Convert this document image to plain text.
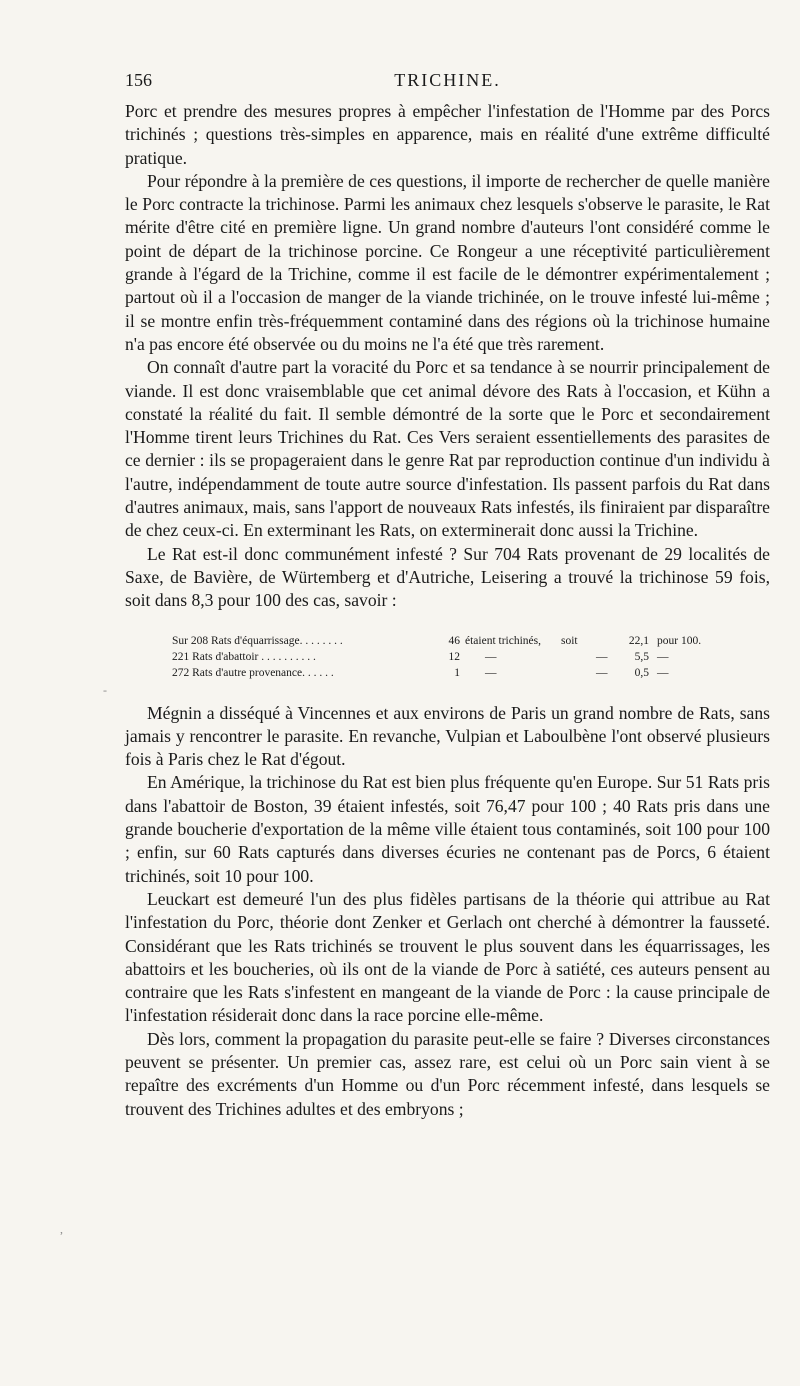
156	TRICHINE.

Porc et prendre des mesures propres à empêcher l'infestation de l'Homme par des Porcs trichinés ; questions très-simples en apparence, mais en réalité d'une extrême difficulté pratique.

Pour répondre à la première de ces questions, il importe de rechercher de quelle manière le Porc contracte la trichinose. Parmi les animaux chez lesquels s'observe le parasite, le Rat mérite d'être cité en première ligne. Un grand nombre d'auteurs l'ont considéré comme le point de départ de la trichinose porcine. Ce Rongeur a une réceptivité particulièrement grande à l'égard de la Trichine, comme il est facile de le démontrer expérimentalement ; partout où il a l'occasion de manger de la viande trichinée, on le trouve infesté lui-même ; il se montre enfin très-fréquemment contaminé dans des régions où la trichinose humaine n'a pas encore été observée ou du moins ne l'a été que très rarement.

On connaît d'autre part la voracité du Porc et sa tendance à se nourrir principalement de viande. Il est donc vraisemblable que cet animal dévore des Rats à l'occasion, et Kühn a constaté la réalité du fait. Il semble démontré de la sorte que le Porc et secondairement l'Homme tirent leurs Trichines du Rat. Ces Vers seraient essentiellements des parasites de ce dernier : ils se propageraient dans le genre Rat par reproduction continue d'un individu à l'autre, indépendamment de toute autre source d'infestation. Ils passent parfois du Rat dans d'autres animaux, mais, sans l'apport de nouveaux Rats infestés, ils finiraient par disparaître de chez ceux-ci. En exterminant les Rats, on exterminerait donc aussi la Trichine.

Le Rat est-il donc communément infesté ? Sur 704 Rats provenant de 29 localités de Saxe, de Bavière, de Würtemberg et d'Autriche, Leisering a trouvé la trichinose 59 fois, soit dans 8,3 pour 100 des cas, savoir :

Sur 208 Rats d'équarrissage. . . . . . . .	46 étaient trichinés, soit	22,1 pour 100.
221 Rats d'abattoir . . . . . . . . . .	12 —	—	5,5 —
272 Rats d'autre provenance. . . . . .	1 —	—	0,5 —

Mégnin a disséqué à Vincennes et aux environs de Paris un grand nombre de Rats, sans jamais y rencontrer le parasite. En revanche, Vulpian et Laboulbène l'ont observé plusieurs fois à Paris chez le Rat d'égout.

En Amérique, la trichinose du Rat est bien plus fréquente qu'en Europe. Sur 51 Rats pris dans l'abattoir de Boston, 39 étaient infestés, soit 76,47 pour 100 ; 40 Rats pris dans une grande boucherie d'exportation de la même ville étaient tous contaminés, soit 100 pour 100 ; enfin, sur 60 Rats capturés dans diverses écuries ne contenant pas de Porcs, 6 étaient trichinés, soit 10 pour 100.

Leuckart est demeuré l'un des plus fidèles partisans de la théorie qui attribue au Rat l'infestation du Porc, théorie dont Zenker et Gerlach ont cherché à démontrer la fausseté. Considérant que les Rats trichinés se trouvent le plus souvent dans les équarrissages, les abattoirs et les boucheries, où ils ont de la viande de Porc à satiété, ces auteurs pensent au contraire que les Rats s'infestent en mangeant de la viande de Porc : la cause principale de l'infestation résiderait donc dans la race porcine elle-même.

Dès lors, comment la propagation du parasite peut-elle se faire ? Diverses circonstances peuvent se présenter. Un premier cas, assez rare, est celui où un Porc sain vient à se repaître des excréments d'un Homme ou d'un Porc récemment infesté, dans lesquels se trouvent des Trichines adultes et des embryons ;

-
,
